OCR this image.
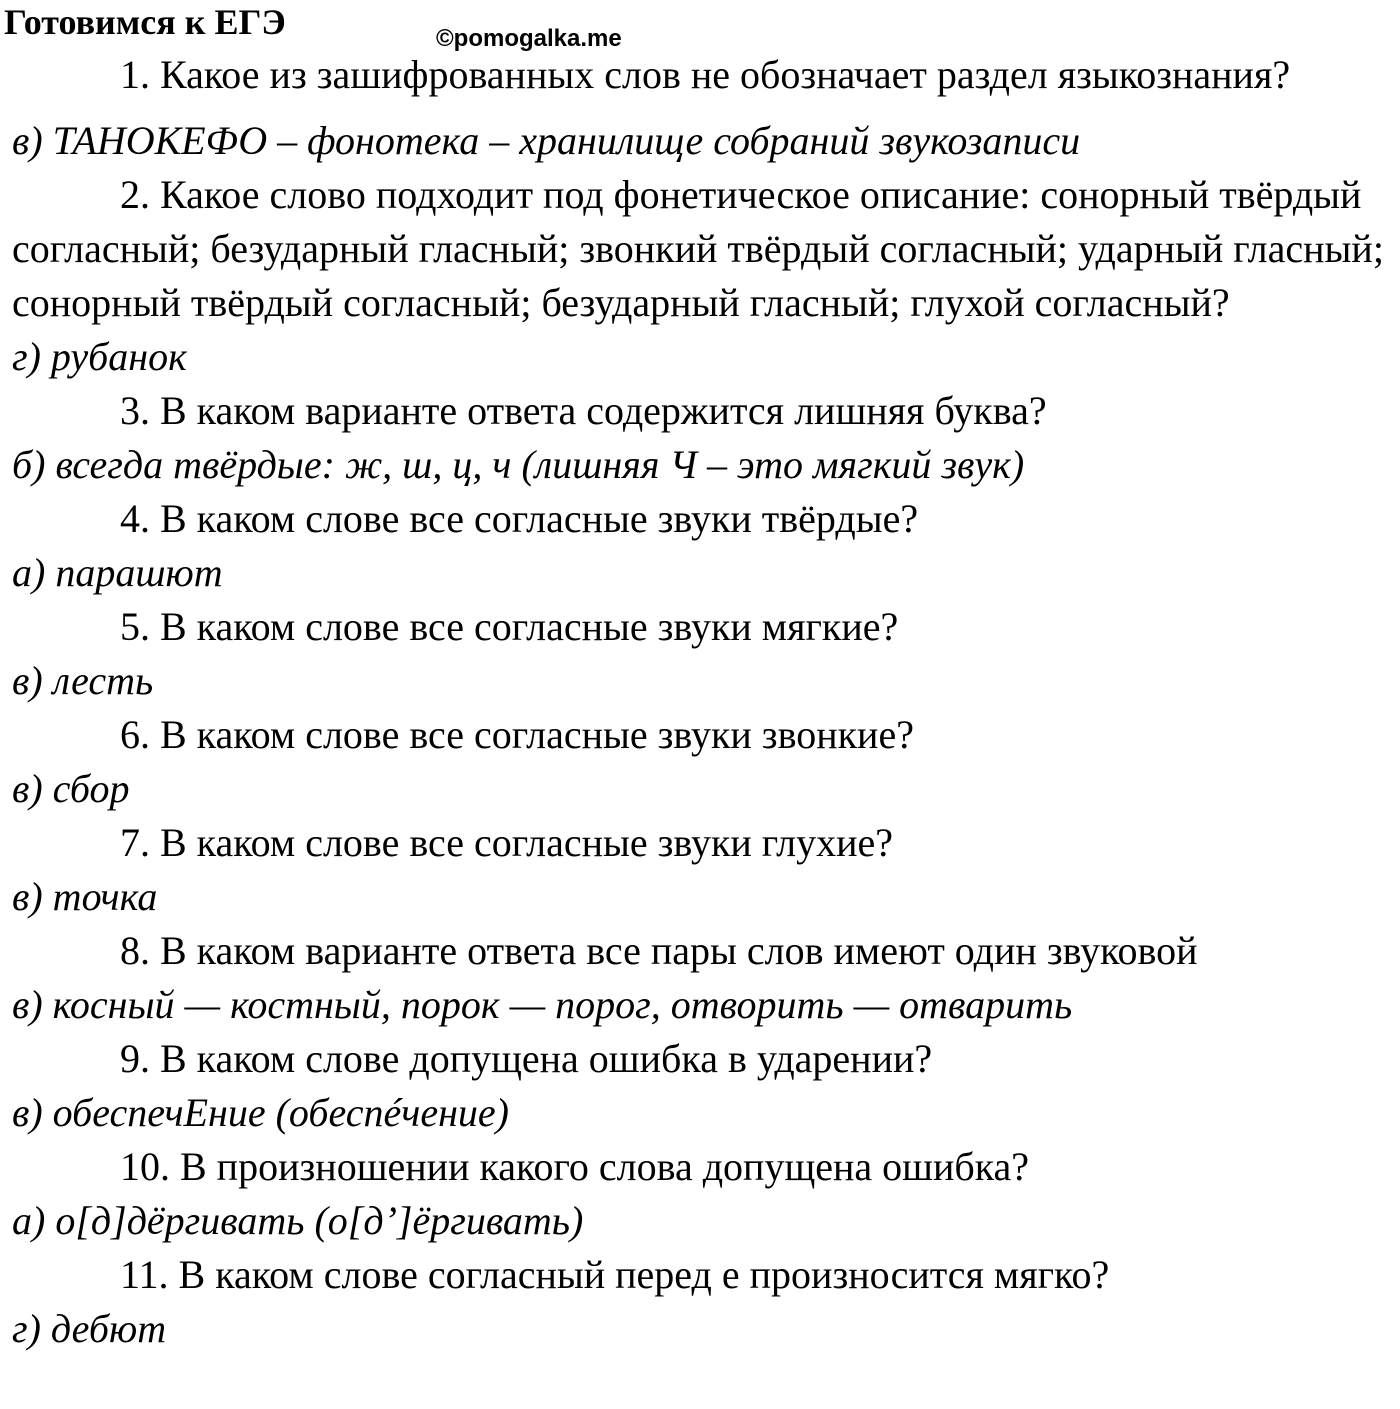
Готовимся к ЕГЭ	©pomogalka.me

1. Какое из зашифрованных слов не обозначает раздел языкознания?

в) ТАНОКЕФО – фонотека – хранилище собраний звукозаписи

2. Какое слово подходит под фонетическое описание: сонорный твёрдый согласный; безударный гласный; звонкий твёрдый согласный; ударный гласный; сонорный твёрдый согласный; безударный гласный; глухой согласный?

г) рубанок

3. В каком варианте ответа содержится лишняя буква?

б) всегда твёрдые: ж, ш, ц, ч (лишняя Ч – это мягкий звук)

4. В каком слове все согласные звуки твёрдые?

а) парашют

5. В каком слове все согласные звуки мягкие?

в) лесть

6. В каком слове все согласные звуки звонкие?

в) сбор

7. В каком слове все согласные звуки глухие?

в) точка

8. В каком варианте ответа все пары слов имеют один звуковой

в) косный — костный, порок — порог, отворить — отварить

9. В каком слове допущена ошибка в ударении?

в) обеспечЕние (обеспéчение)

10. В произношении какого слова допущена ошибка?

а) о[д]дёргивать (о[д’]ёргивать)

11. В каком слове согласный перед е произносится мягко?

г) дебют
